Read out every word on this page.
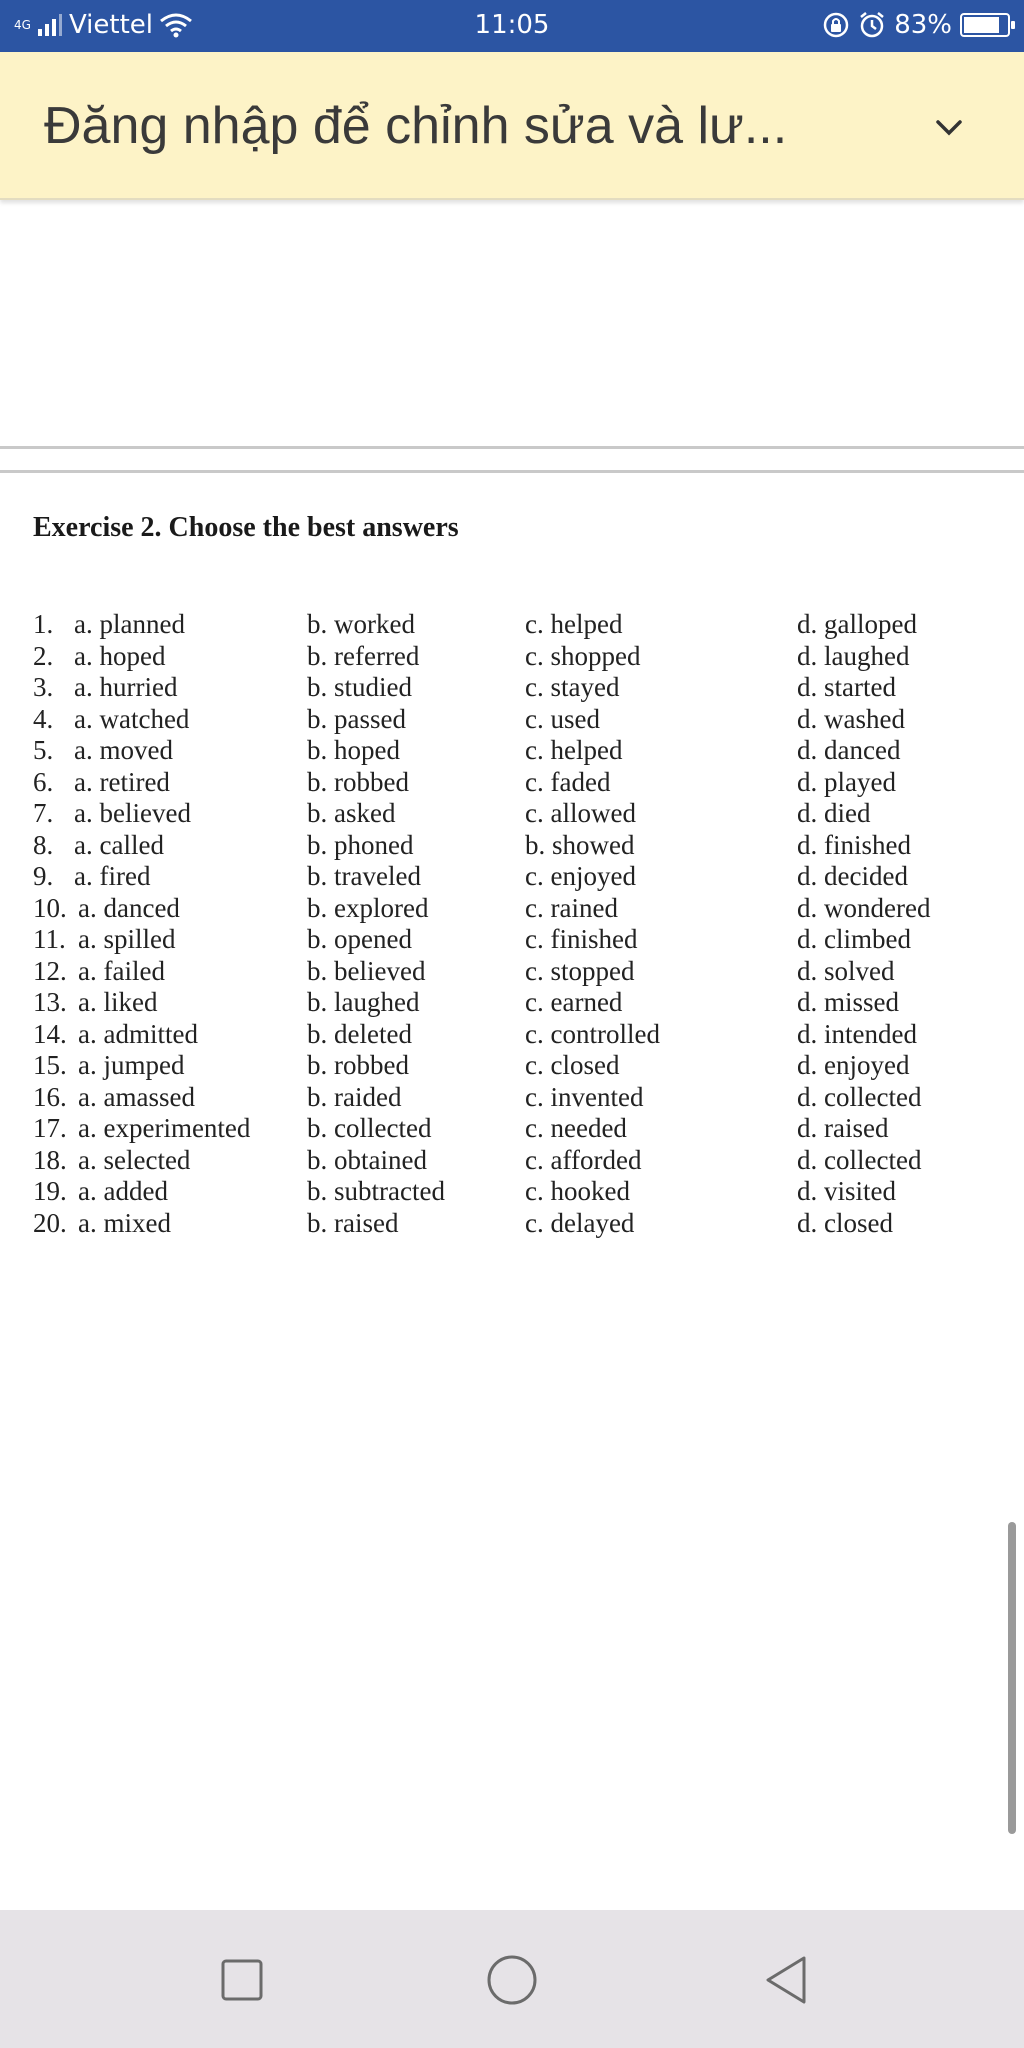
4G Viettel	11:05	83%
Đăng nhập để chỉnh sửa và lư...
Exercise 2. Choose the best answers
1. a. planned	b. worked	c. helped	d. galloped
2. a. hoped	b. referred	c. shopped	d. laughed
3. a. hurried	b. studied	c. stayed	d. started
4. a. watched	b. passed	c. used	d. washed
5. a. moved	b. hoped	c. helped	d. danced
6. a. retired	b. robbed	c. faded	d. played
7. a. believed	b. asked	c. allowed	d. died
8. a. called	b. phoned	b. showed	d. finished
9. a. fired	b. traveled	c. enjoyed	d. decided
10. a. danced	b. explored	c. rained	d. wondered
11. a. spilled	b. opened	c. finished	d. climbed
12. a. failed	b. believed	c. stopped	d. solved
13. a. liked	b. laughed	c. earned	d. missed
14. a. admitted	b. deleted	c. controlled	d. intended
15. a. jumped	b. robbed	c. closed	d. enjoyed
16. a. amassed	b. raided	c. invented	d. collected
17. a. experimented b. collected	c. needed	d. raised
18. a. selected	b. obtained	c. afforded	d. collected
19. a. added	b. subtracted	c. hooked	d. visited
20. a. mixed	b. raised	c. delayed	d. closed
